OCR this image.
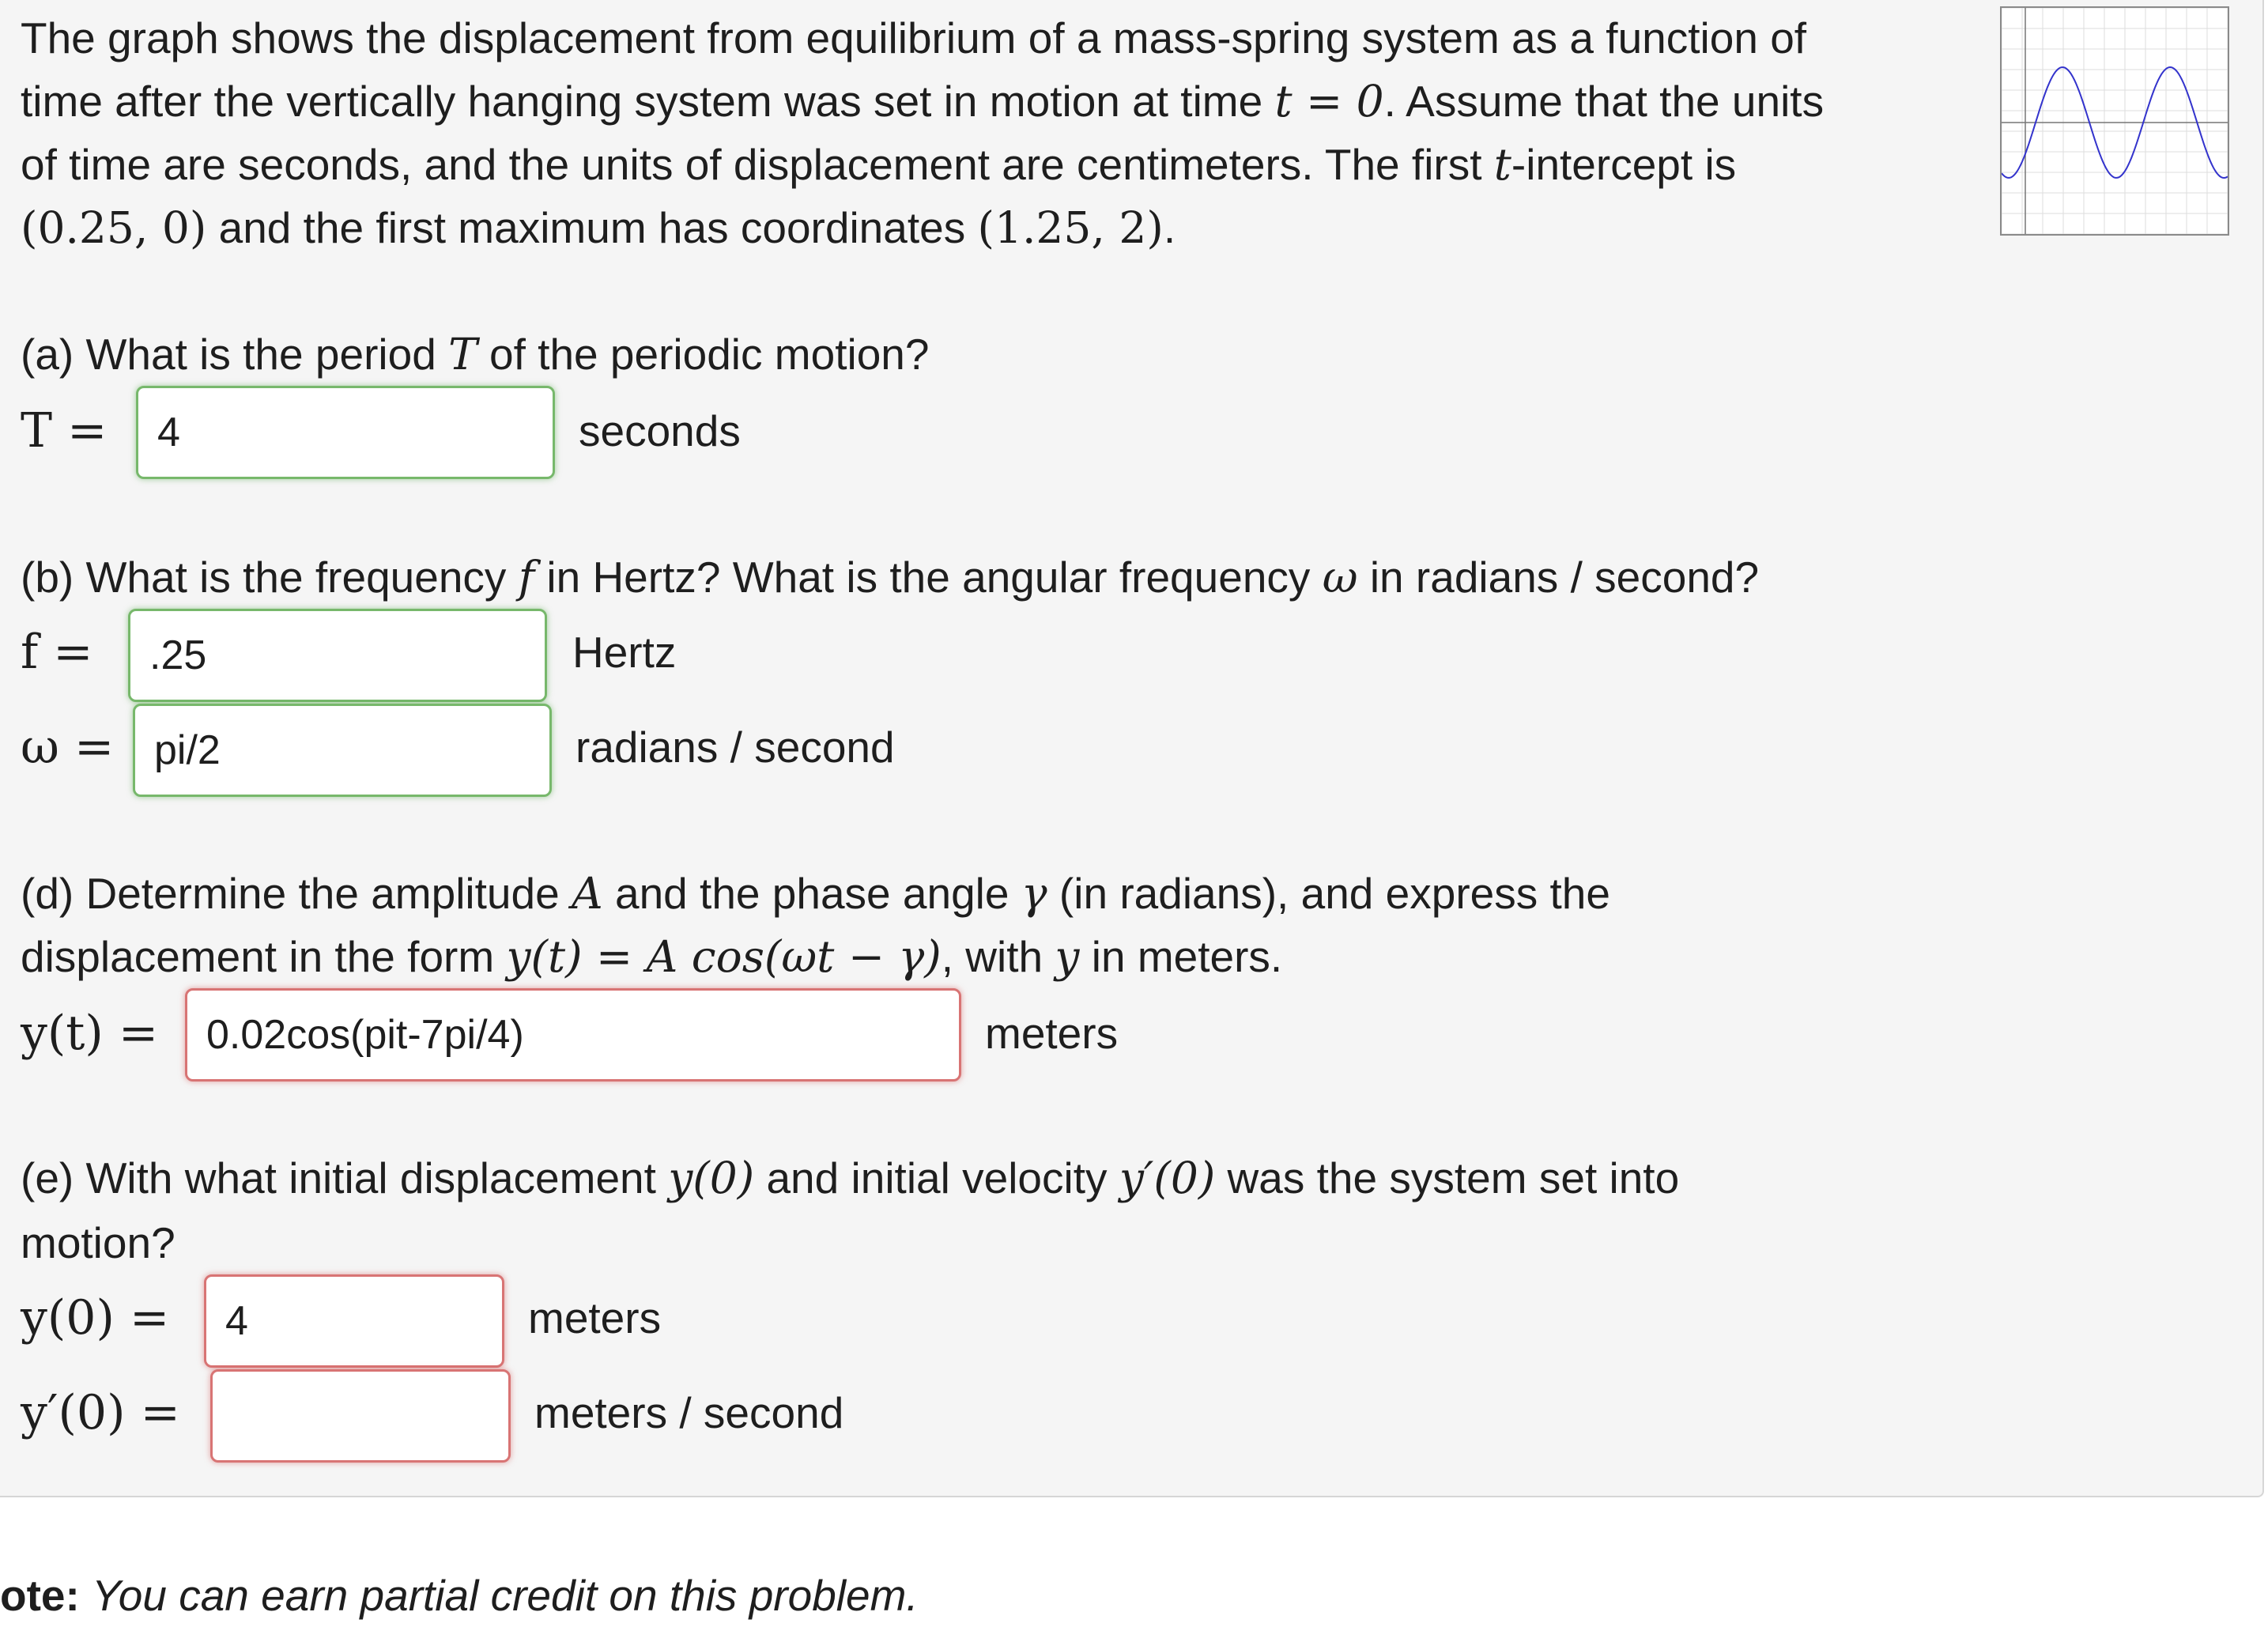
The graph shows the displacement from equilibrium of a mass-spring system as a function of
time after the vertically hanging system was set in motion at time t = 0. Assume that the units
of time are seconds, and the units of displacement are centimeters. The first t-intercept is
(0.25, 0) and the first maximum has coordinates (1.25, 2).
(a) What is the period T of the periodic motion?
T = 4	seconds
(b) What is the frequency f in Hertz? What is the angular frequency ω in radians / second?
f = .25	Hertz
ω = pi/2	radians / second
(d) Determine the amplitude A and the phase angle γ (in radians), and express the
displacement in the form y(t) = A cos(ωt − γ), with y in meters.
y(t) = 0.02cos(pit-7pi/4)	meters
(e) With what initial displacement y(0) and initial velocity y′(0) was the system set into
motion?
y(0) = 4	meters
y′(0) =	meters / second
ote: You can earn partial credit on this problem.
